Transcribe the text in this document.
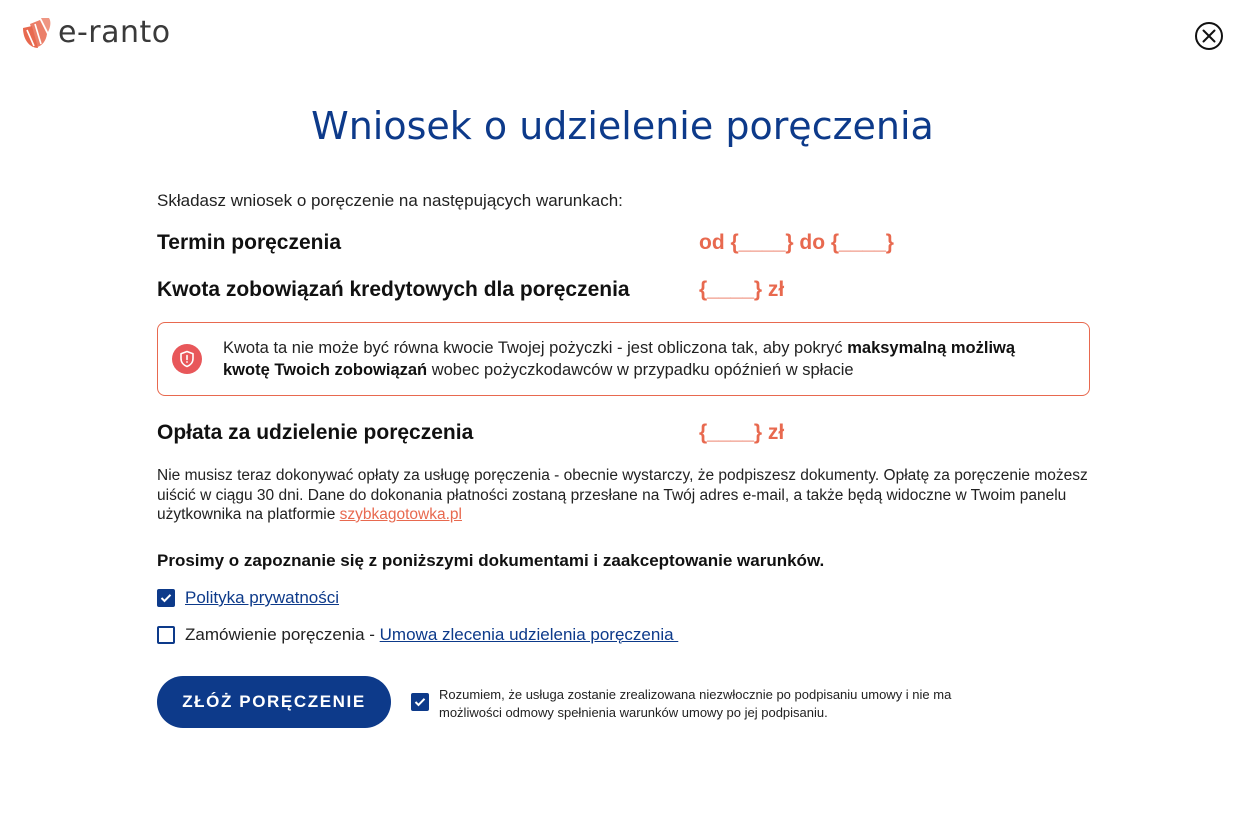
e-ranto
Wniosek o udzielenie poręczenia
Składasz wniosek o poręczenie na następujących warunkach:
Termin poręczenia	od {____} do {____}
Kwota zobowiązań kredytowych dla poręczenia	{____} zł
Kwota ta nie może być równa kwocie Twojej pożyczki - jest obliczona tak, aby pokryć maksymalną możliwą kwotę Twoich zobowiązań wobec pożyczkodawców w przypadku opóźnień w spłacie
Opłata za udzielenie poręczenia	{____} zł
Nie musisz teraz dokonywać opłaty za usługę poręczenia - obecnie wystarczy, że podpiszesz dokumenty. Opłatę za poręczenie możesz uiścić w ciągu 30 dni. Dane do dokonania płatności zostaną przesłane na Twój adres e-mail, a także będą widoczne w Twoim panelu użytkownika na platformie szybkagotowka.pl
Prosimy o zapoznanie się z poniższymi dokumentami i zaakceptowanie warunków.
Polityka prywatności
Zamówienie poręczenia - Umowa zlecenia udzielenia poręczenia
ZŁÓŻ PORĘCZENIE	Rozumiem, że usługa zostanie zrealizowana niezwłocznie po podpisaniu umowy i nie ma możliwości odmowy spełnienia warunków umowy po jej podpisaniu.
